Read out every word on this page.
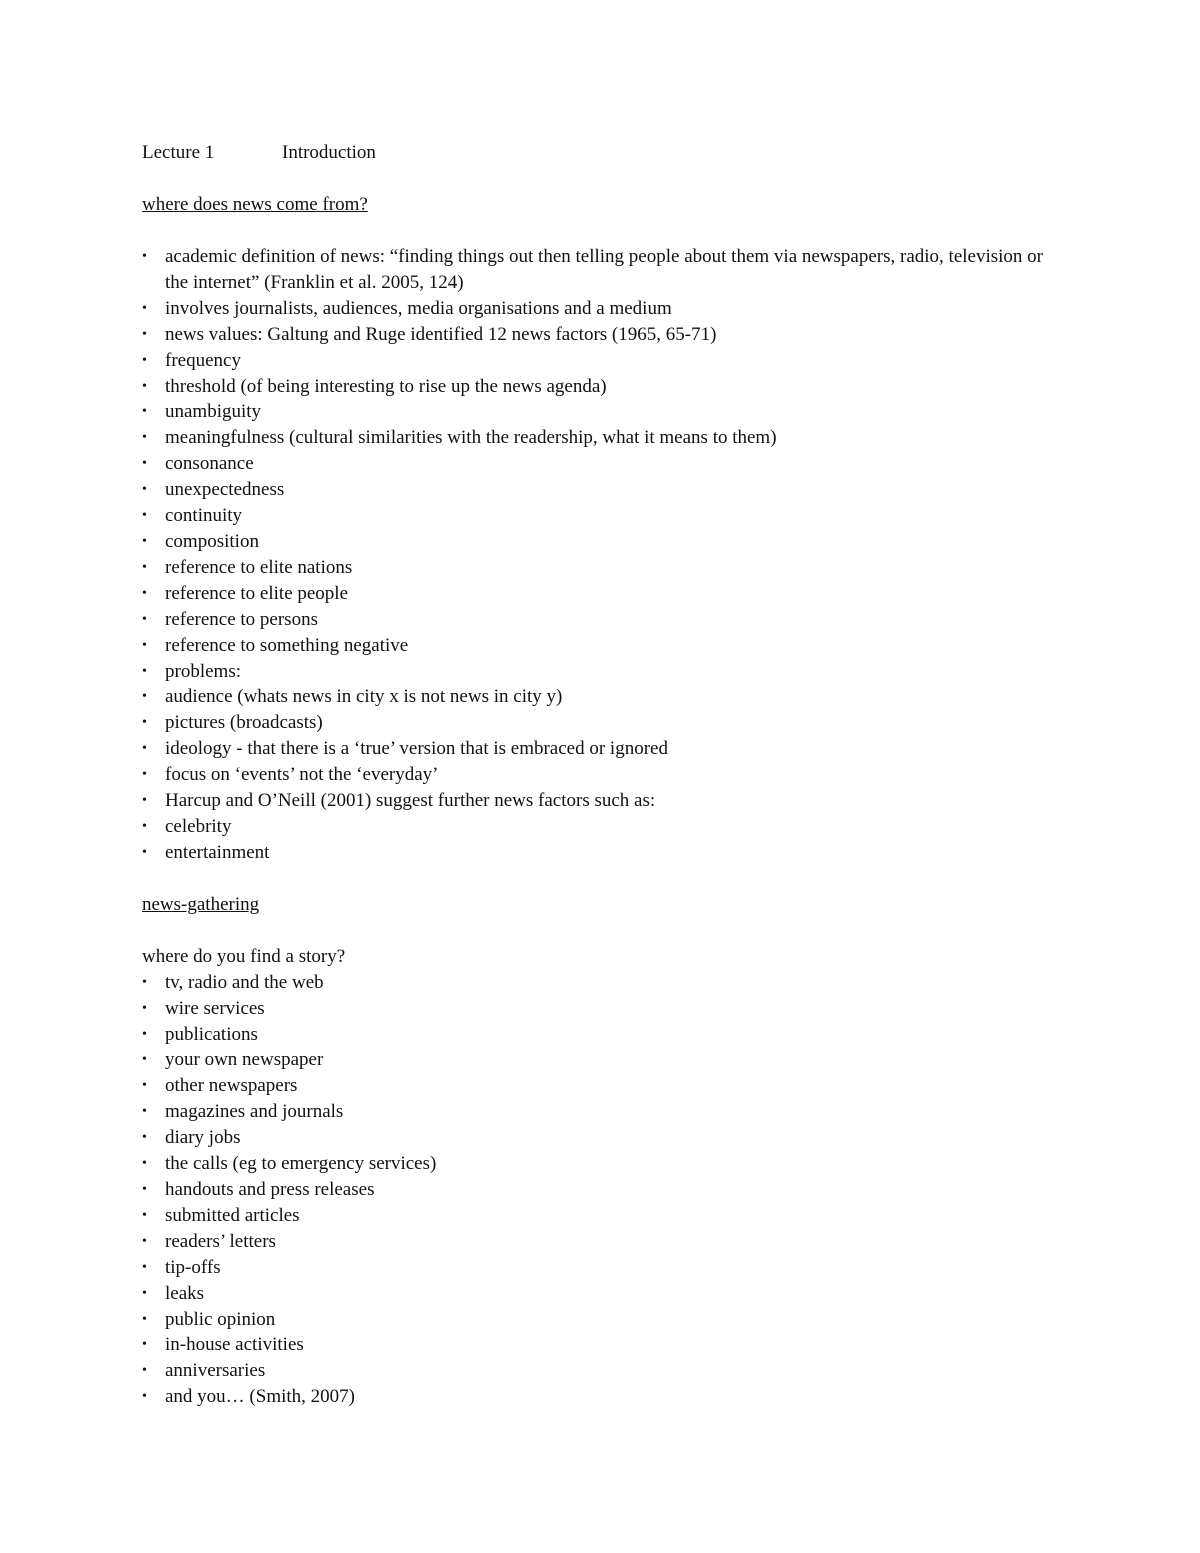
Lecture 1	Introduction
where does news come from?
• academic definition of news: “finding things out then telling people about them via newspapers, radio, television or the internet” (Franklin et al. 2005, 124)
• involves journalists, audiences, media organisations and a medium
• news values: Galtung and Ruge identified 12 news factors (1965, 65-71)
• frequency
• threshold (of being interesting to rise up the news agenda)
• unambiguity
• meaningfulness (cultural similarities with the readership, what it means to them)
• consonance
• unexpectedness
• continuity
• composition
• reference to elite nations
• reference to elite people
• reference to persons
• reference to something negative
• problems:
• audience (whats news in city x is not news in city y)
• pictures (broadcasts)
• ideology - that there is a ‘true’ version that is embraced or ignored
• focus on ‘events’ not the ‘everyday’
• Harcup and O’Neill (2001) suggest further news factors such as:
• celebrity
• entertainment
news-gathering
where do you find a story?
• tv, radio and the web
• wire services
• publications
• your own newspaper
• other newspapers
• magazines and journals
• diary jobs
• the calls (eg to emergency services)
• handouts and press releases
• submitted articles
• readers’ letters
• tip-offs
• leaks
• public opinion
• in-house activities
• anniversaries
• and you… (Smith, 2007)
